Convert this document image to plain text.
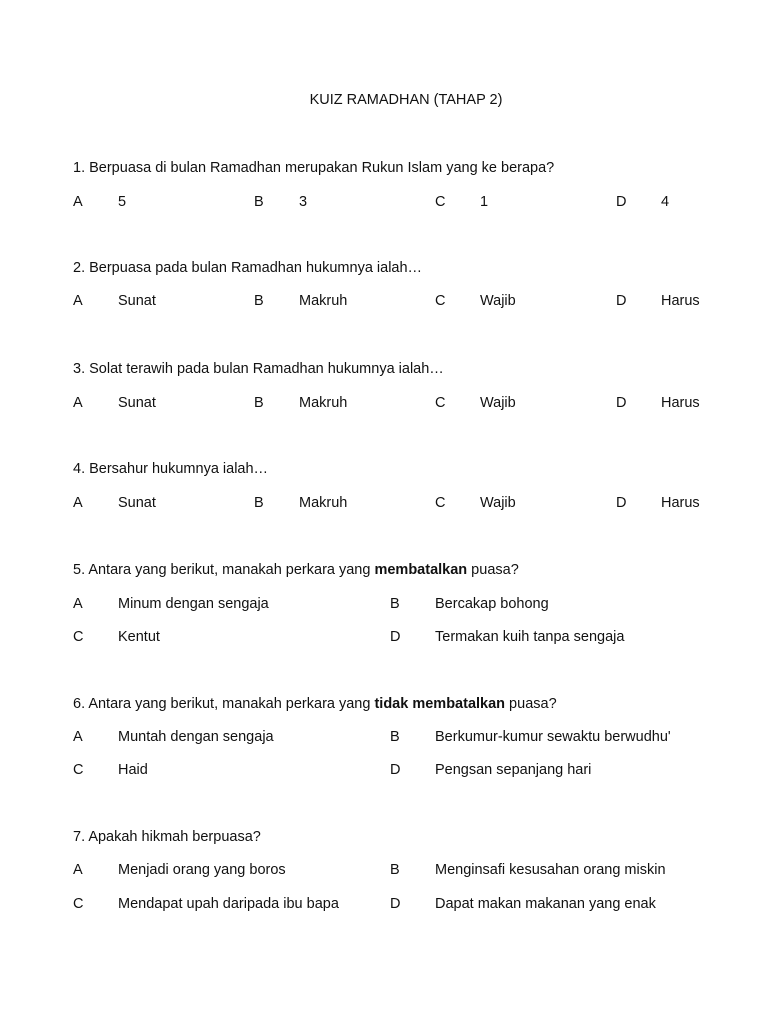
KUIZ RAMADHAN (TAHAP 2)
1. Berpuasa di bulan Ramadhan merupakan Rukun Islam yang ke berapa?
A 5	B 3	C 1	D 4
2. Berpuasa pada bulan Ramadhan hukumnya ialah…
A Sunat	B Makruh	C Wajib	D Harus
3. Solat terawih pada bulan Ramadhan hukumnya ialah…
A Sunat	B Makruh	C Wajib	D Harus
4. Bersahur hukumnya ialah…
A Sunat	B Makruh	C Wajib	D Harus
5. Antara yang berikut, manakah perkara yang membatalkan puasa?
A Minum dengan sengaja	B Bercakap bohong
C Kentut	D Termakan kuih tanpa sengaja
6. Antara yang berikut, manakah perkara yang tidak membatalkan puasa?
A Muntah dengan sengaja	B Berkumur-kumur sewaktu berwudhu'
C Haid	D Pengsan sepanjang hari
7. Apakah hikmah berpuasa?
A Menjadi orang yang boros	B Menginsafi kesusahan orang miskin
C Mendapat upah daripada ibu bapa	D Dapat makan makanan yang enak
